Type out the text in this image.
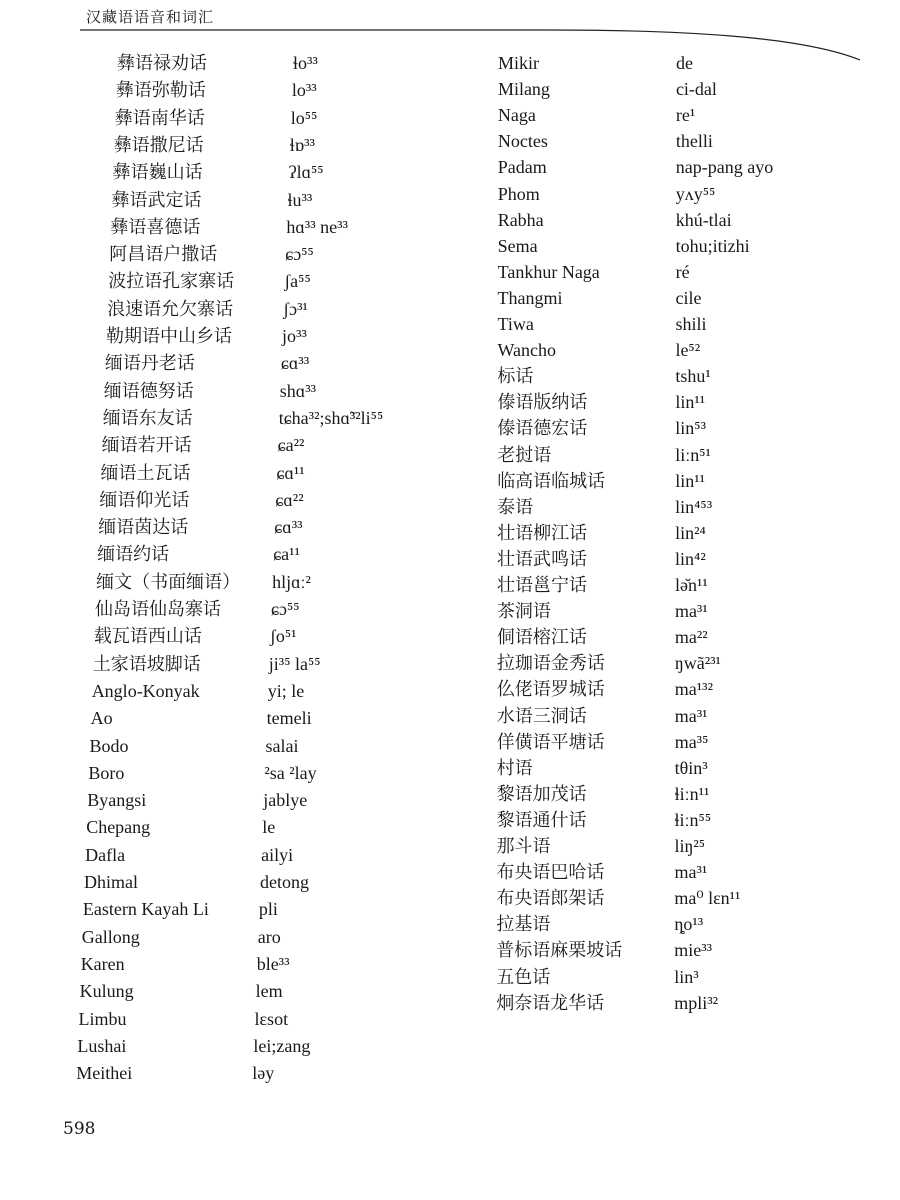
汉藏语语音和词汇
彝语禄劝话	ɬo³³
彝语弥勒话	lo³³
彝语南华话	lo⁵⁵
彝语撒尼话	ɬɒ³³
彝语巍山话	ʔlɑ⁵⁵
彝语武定话	ɬu³³
彝语喜德话	hɑ³³ ne³³
阿昌语户撒话	ɕɔ⁵⁵
波拉语孔家寨话	ʃa⁵⁵
浪速语允欠寨话	ʃɔ³¹
勒期语中山乡话	jo³³
缅语丹老话	ɕɑ³³
缅语德努话	shɑ³³
缅语东友话	tɕha³²;shɑ̃³²li⁵⁵
缅语若开话	ɕa²²
缅语土瓦话	ɕɑ¹¹
缅语仰光话	ɕɑ²²
缅语茵达话	ɕɑ³³
缅语约话	ɕa¹¹
缅文（书面缅语） hljɑː²
仙岛语仙岛寨话	ɕɔ⁵⁵
载瓦语西山话	ʃo⁵¹
土家语坡脚话	ji³⁵ la⁵⁵
Anglo-Konyak	yi; le
Ao	temeli
Bodo	salai
Boro	²sa ²lay
Byangsi	jablye
Chepang	le
Dafla	ailyi
Dhimal	detong
Eastern Kayah Li	pli
Gallong	aro
Karen	ble³³
Kulung	lem
Limbu	lɛsot
Lushai	lei;zang
Meithei	ləy
Mikir	de
Milang	ci-dal
Naga	re¹
Noctes	thelli
Padam	nap-pang ayo
Phom	yʌy⁵⁵
Rabha	khú-tlai
Sema	tohu;itizhi
Tankhur Naga	ré
Thangmi	cile
Tiwa	shili
Wancho	le⁵²
标话	tshu¹
傣语版纳话	lin¹¹
傣语德宏话	lin⁵³
老挝语	liːn⁵¹
临高语临城话	lin¹¹
泰语	lin⁴⁵³
壮语柳江话	lin²⁴
壮语武鸣话	lin⁴²
壮语邕宁话	lə̆n¹¹
茶洞语	ma³¹
侗语榕江话	ma²²
拉珈语金秀话	ŋwã²³¹
仫佬语罗城话	ma¹³²
水语三洞话	ma³¹
佯僙语平塘话	ma³⁵
村语	tθin³
黎语加茂话	ɬiːn¹¹
黎语通什话	ɬiːn⁵⁵
那斗语	liŋ²⁵
布央语巴哈话	ma³¹
布央语郎架话	ma⁰ lɛn¹¹
拉基语	ȵo¹³
普标语麻栗坡话	mie³³
五色话	lin³
炯奈语龙华话	mpli³²
598
